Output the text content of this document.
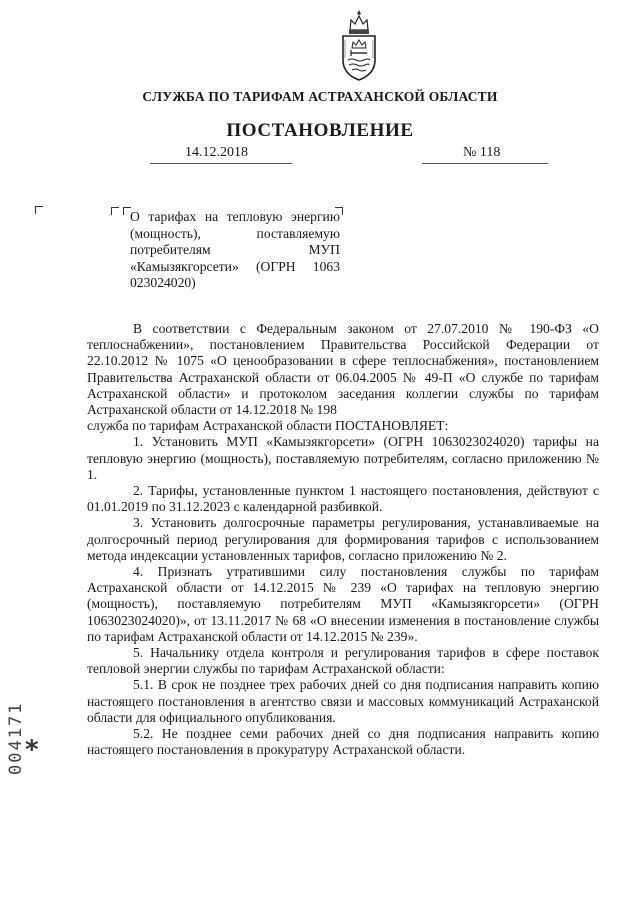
СЛУЖБА ПО ТАРИФАМ АСТРАХАНСКОЙ ОБЛАСТИ
ПОСТАНОВЛЕНИЕ
14.12.2018	№ 118
О тарифах на тепловую энергию (мощность), поставляемую потребителям МУП «Камызякгорсети» (ОГРН 1063 023024020)

В соответствии с Федеральным законом от 27.07.2010 № 190-ФЗ «О теплоснабжении», постановлением Правительства Российской Федерации от 22.10.2012 № 1075 «О ценообразовании в сфере теплоснабжения», постановлением Правительства Астраханской области от 06.04.2005 № 49-П «О службе по тарифам Астраханской области» и протоколом заседания коллегии службы по тарифам Астраханской области от 14.12.2018 № 198

служба по тарифам Астраханской области ПОСТАНОВЛЯЕТ:

1. Установить МУП «Камызякгорсети» (ОГРН 1063023024020) тарифы на тепловую энергию (мощность), поставляемую потребителям, согласно приложению № 1.

2. Тарифы, установленные пунктом 1 настоящего постановления, действуют с 01.01.2019 по 31.12.2023 с календарной разбивкой.

3. Установить долгосрочные параметры регулирования, устанавливаемые на долгосрочный период регулирования для формирования тарифов с использованием метода индексации установленных тарифов, согласно приложению № 2.

4. Признать утратившими силу постановления службы по тарифам Астраханской области от 14.12.2015 № 239 «О тарифах на тепловую энергию (мощность), поставляемую потребителям МУП «Камызякгорсети» (ОГРН 1063023024020)», от 13.11.2017 № 68 «О внесении изменения в постановление службы по тарифам Астраханской области от 14.12.2015 № 239».

5. Начальнику отдела контроля и регулирования тарифов в сфере поставок тепловой энергии службы по тарифам Астраханской области:

5.1. В срок не позднее трех рабочих дней со дня подписания направить копию настоящего постановления в агентство связи и массовых коммуникаций Астраханской области для официального опубликования.

5.2. Не позднее семи рабочих дней со дня подписания направить копию настоящего постановления в прокуратуру Астраханской области.

*
004171
